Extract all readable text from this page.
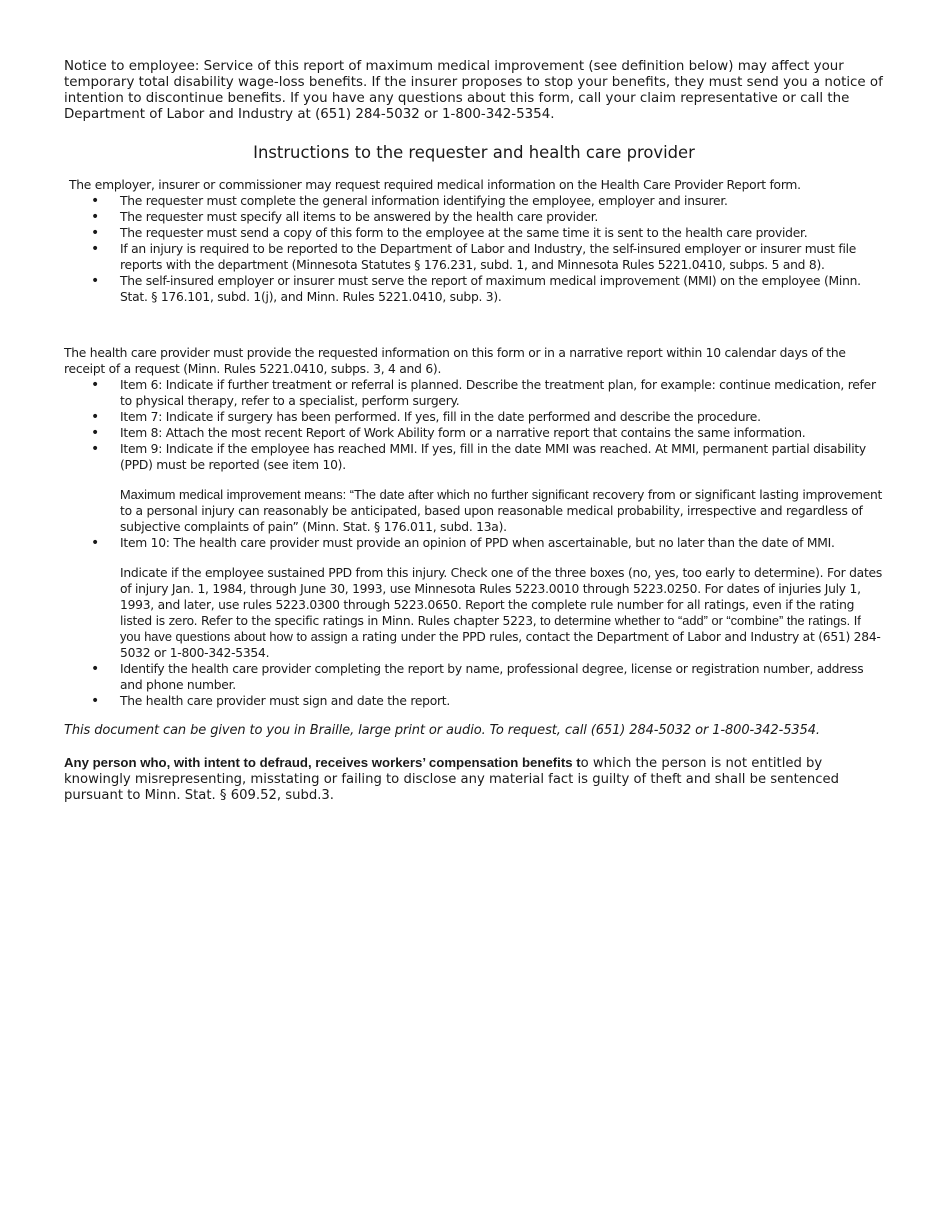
Notice to employee: Service of this report of maximum medical improvement (see definition below) may affect your temporary total disability wage-loss benefits. If the insurer proposes to stop your benefits, they must send you a notice of intention to discontinue benefits. If you have any questions about this form, call your claim representative or call the Department of Labor and Industry at (651) 284-5032 or 1-800-342-5354.

Instructions to the requester and health care provider

The employer, insurer or commissioner may request required medical information on the Health Care Provider Report form.

• The requester must complete the general information identifying the employee, employer and insurer.
• The requester must specify all items to be answered by the health care provider.
• The requester must send a copy of this form to the employee at the same time it is sent to the health care provider.
• If an injury is required to be reported to the Department of Labor and Industry, the self-insured employer or insurer must file reports with the department (Minnesota Statutes § 176.231, subd. 1, and Minnesota Rules 5221.0410, subps. 5 and 8).
• The self-insured employer or insurer must serve the report of maximum medical improvement (MMI) on the employee (Minn. Stat. § 176.101, subd. 1(j), and Minn. Rules 5221.0410, subp. 3).

The health care provider must provide the requested information on this form or in a narrative report within 10 calendar days of the receipt of a request (Minn. Rules 5221.0410, subps. 3, 4 and 6).

• Item 6: Indicate if further treatment or referral is planned. Describe the treatment plan, for example: continue medication, refer to physical therapy, refer to a specialist, perform surgery.
• Item 7: Indicate if surgery has been performed. If yes, fill in the date performed and describe the procedure.
• Item 8: Attach the most recent Report of Work Ability form or a narrative report that contains the same information.
• Item 9: Indicate if the employee has reached MMI. If yes, fill in the date MMI was reached. At MMI, permanent partial disability (PPD) must be reported (see item 10).
Maximum medical improvement means: “The date after which no further significant recovery from or significant lasting improvement to a personal injury can reasonably be anticipated, based upon reasonable medical probability, irrespective and regardless of subjective complaints of pain” (Minn. Stat. § 176.011, subd. 13a).
• Item 10: The health care provider must provide an opinion of PPD when ascertainable, but no later than the date of MMI.
Indicate if the employee sustained PPD from this injury. Check one of the three boxes (no, yes, too early to determine). For dates of injury Jan. 1, 1984, through June 30, 1993, use Minnesota Rules 5223.0010 through 5223.0250. For dates of injuries July 1, 1993, and later, use rules 5223.0300 through 5223.0650. Report the complete rule number for all ratings, even if the rating listed is zero. Refer to the specific ratings in Minn. Rules chapter 5223, to determine whether to “add” or “combine” the ratings. If you have questions about how to assign a rating under the PPD rules, contact the Department of Labor and Industry at (651) 284-5032 or 1-800-342-5354.
• Identify the health care provider completing the report by name, professional degree, license or registration number, address and phone number.
• The health care provider must sign and date the report.

This document can be given to you in Braille, large print or audio. To request, call (651) 284-5032 or 1-800-342-5354.

Any person who, with intent to defraud, receives workers’ compensation benefits to which the person is not entitled by knowingly misrepresenting, misstating or failing to disclose any material fact is guilty of theft and shall be sentenced pursuant to Minn. Stat. § 609.52, subd.3.
